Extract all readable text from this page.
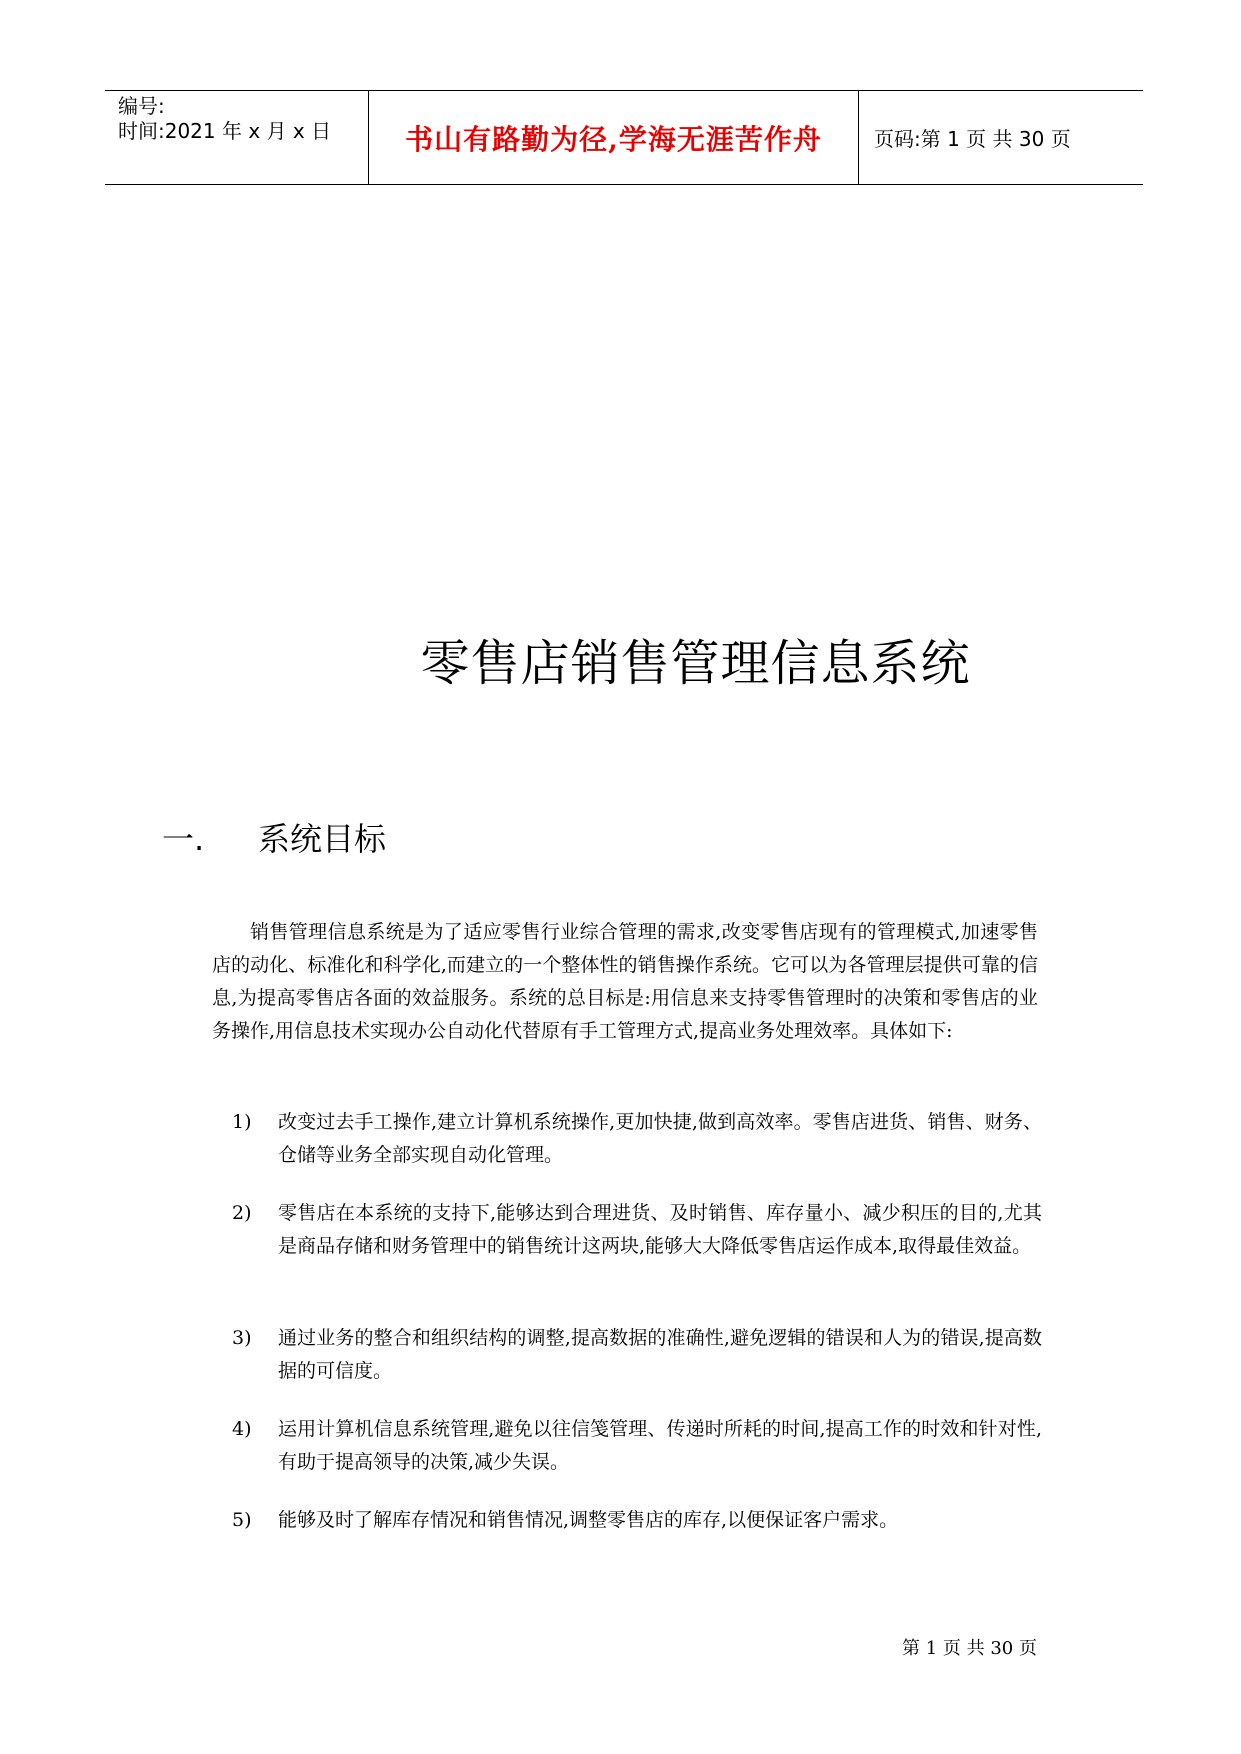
编号:
时间:2021 年 x 月 x 日	书山有路勤为径,学海无涯苦作舟	页码:第 1 页 共 30 页
零售店销售管理信息系统
一. 系统目标

销售管理信息系统是为了适应零售行业综合管理的需求,改变零售店现有的管理模式,加速零售店的动化、标准化和科学化,而建立的一个整体性的销售操作系统。它可以为各管理层提供可靠的信息,为提高零售店各面的效益服务。系统的总目标是:用信息来支持零售管理时的决策和零售店的业务操作,用信息技术实现办公自动化代替原有手工管理方式,提高业务处理效率。具体如下:

1) 改变过去手工操作,建立计算机系统操作,更加快捷,做到高效率。零售店进货、销售、财务、仓储等业务全部实现自动化管理。
2) 零售店在本系统的支持下,能够达到合理进货、及时销售、库存量小、减少积压的目的,尤其是商品存储和财务管理中的销售统计这两块,能够大大降低零售店运作成本,取得最佳效益。
3) 通过业务的整合和组织结构的调整,提高数据的准确性,避免逻辑的错误和人为的错误,提高数据的可信度。
4) 运用计算机信息系统管理,避免以往信笺管理、传递时所耗的时间,提高工作的时效和针对性,有助于提高领导的决策,减少失误。
5) 能够及时了解库存情况和销售情况,调整零售店的库存,以便保证客户需求。
第 1 页 共 30 页
